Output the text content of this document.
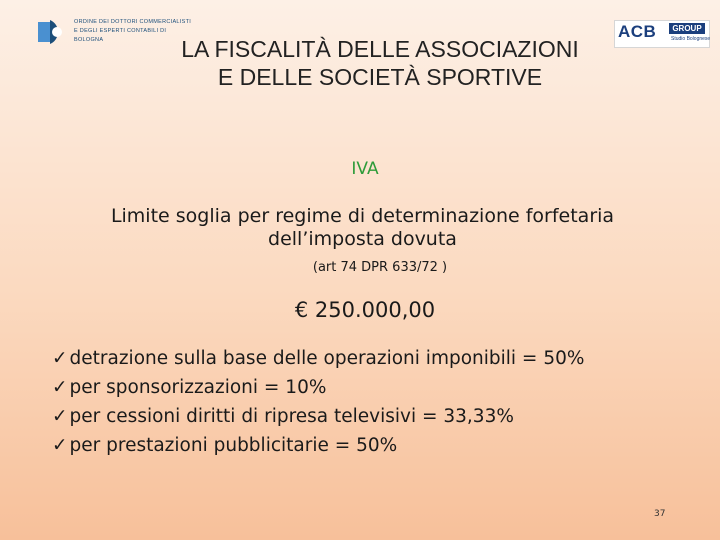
ORDINE DEI DOTTORI COMMERCIALISTI
E DEGLI ESPERTI CONTABILI DI
BOLOGNA	ACB	GROUP
Studio Bolognese
LA FISCALITÀ DELLE ASSOCIAZIONI
E DELLE SOCIETÀ SPORTIVE
IVA
Limite soglia per regime di determinazione forfetaria
dell’imposta dovuta
(art 74 DPR 633/72 )
€ 250.000,00
✓ detrazione sulla base delle operazioni imponibili = 50%
✓ per sponsorizzazioni = 10%
✓ per cessioni diritti di ripresa televisivi = 33,33%
✓ per prestazioni pubblicitarie = 50%
37
